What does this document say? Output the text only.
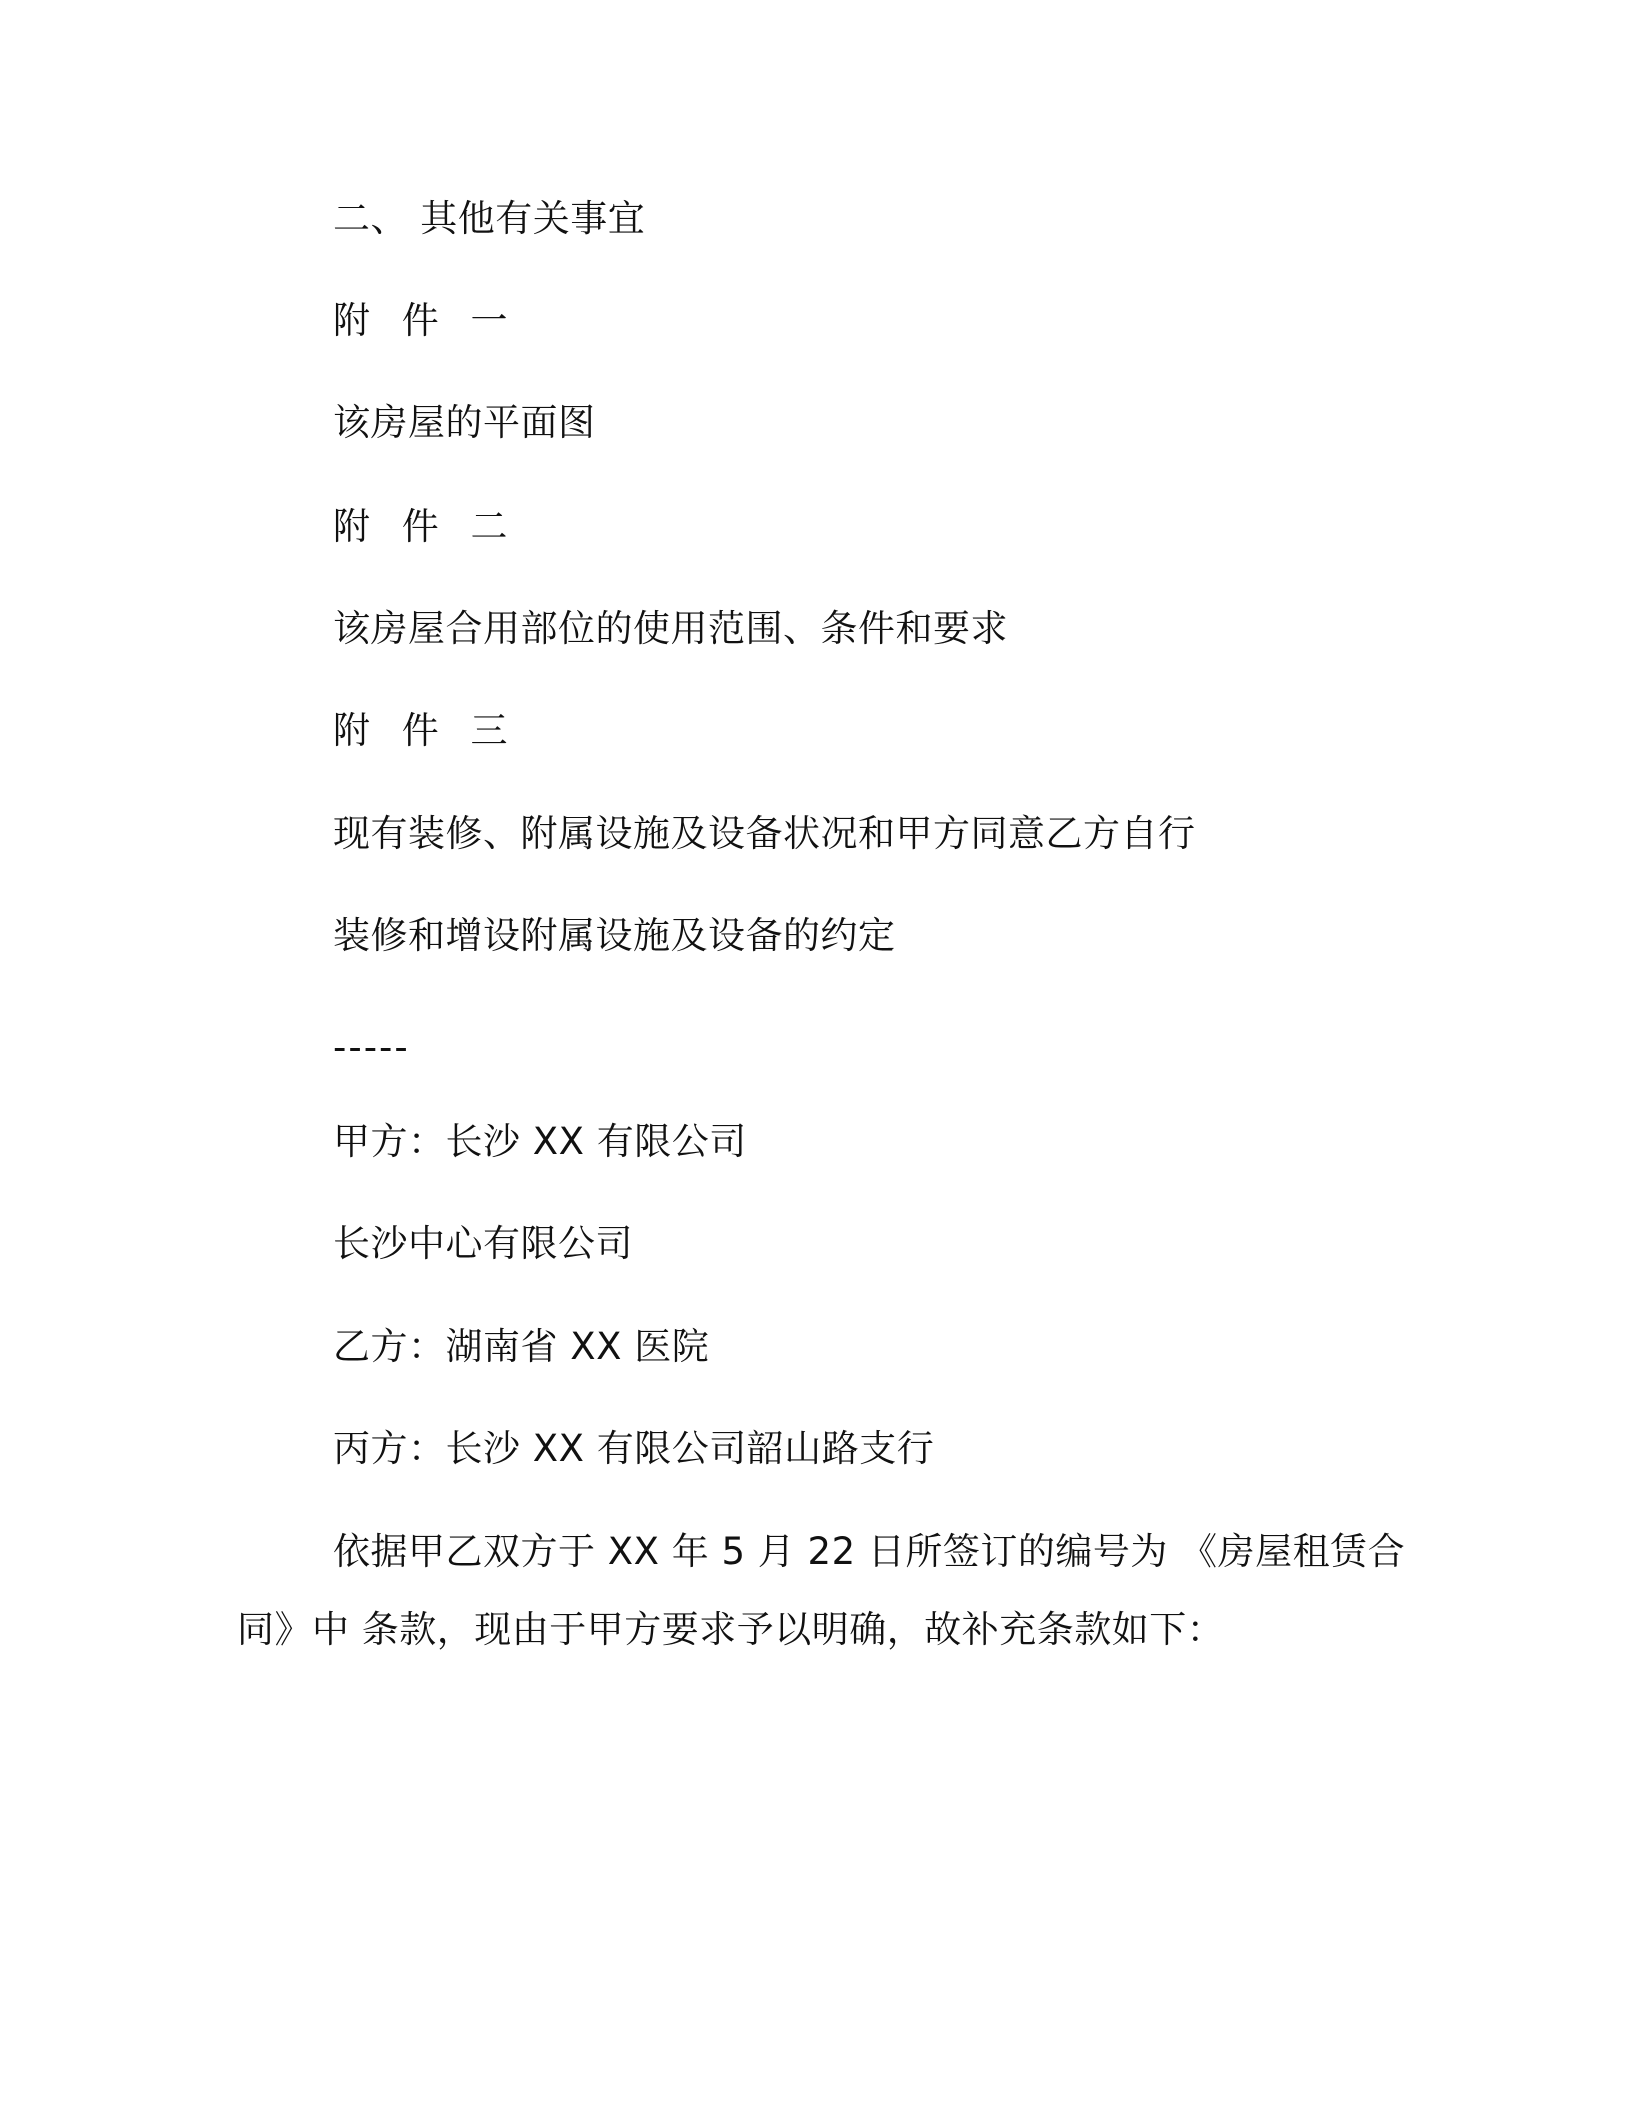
二、 其他有关事宜
附 件 一
该房屋的平面图
附 件 二
该房屋合用部位的使用范围、条件和要求
附 件 三
现有装修、附属设施及设备状况和甲方同意乙方自行
装修和增设附属设施及设备的约定
-----
甲方：长沙 XX 有限公司
长沙中心有限公司
乙方：湖南省 XX 医院
丙方：长沙 XX 有限公司韶山路支行
依据甲乙双方于 XX 年 5 月 22 日所签订的编号为 《房屋租赁合
同》中 条款，现由于甲方要求予以明确，故补充条款如下：
